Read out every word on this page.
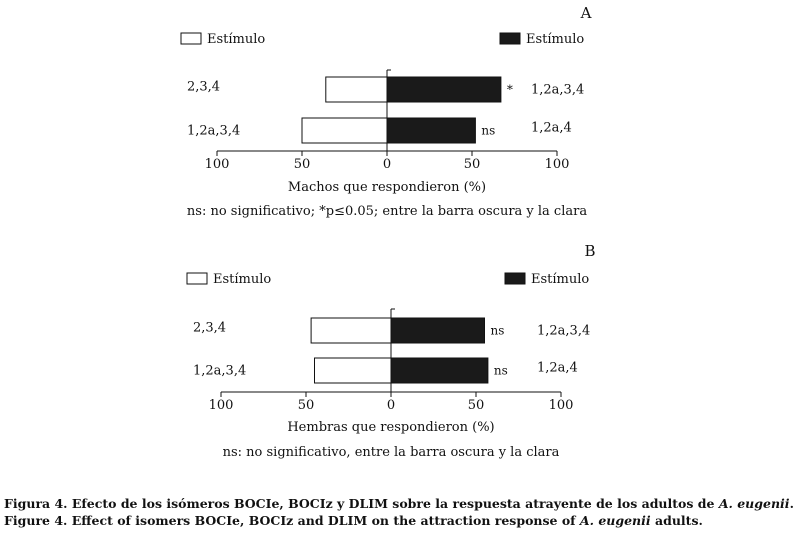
A
Estímulo	Estímulo
2,3,4	1,2a,3,4
*
1,2a,3,4	1,2a,4
ns
100	50	0	50	100
Machos que respondieron (%)
ns: no significativo; *p≤0.05; entre la barra oscura y la clara
B
Estímulo	Estímulo
2,3,4	1,2a,3,4
ns
1,2a,3,4	1,2a,4
ns
100	50	0	50	100
Hembras que respondieron (%)
ns: no significativo, entre la barra oscura y la clara
Figura 4. Efecto de los isómeros BOCIe, BOCIz y DLIM sobre la respuesta atrayente de los adultos de A. eugenii.
Figure 4. Effect of isomers BOCIe, BOCIz and DLIM on the attraction response of A. eugenii adults.
